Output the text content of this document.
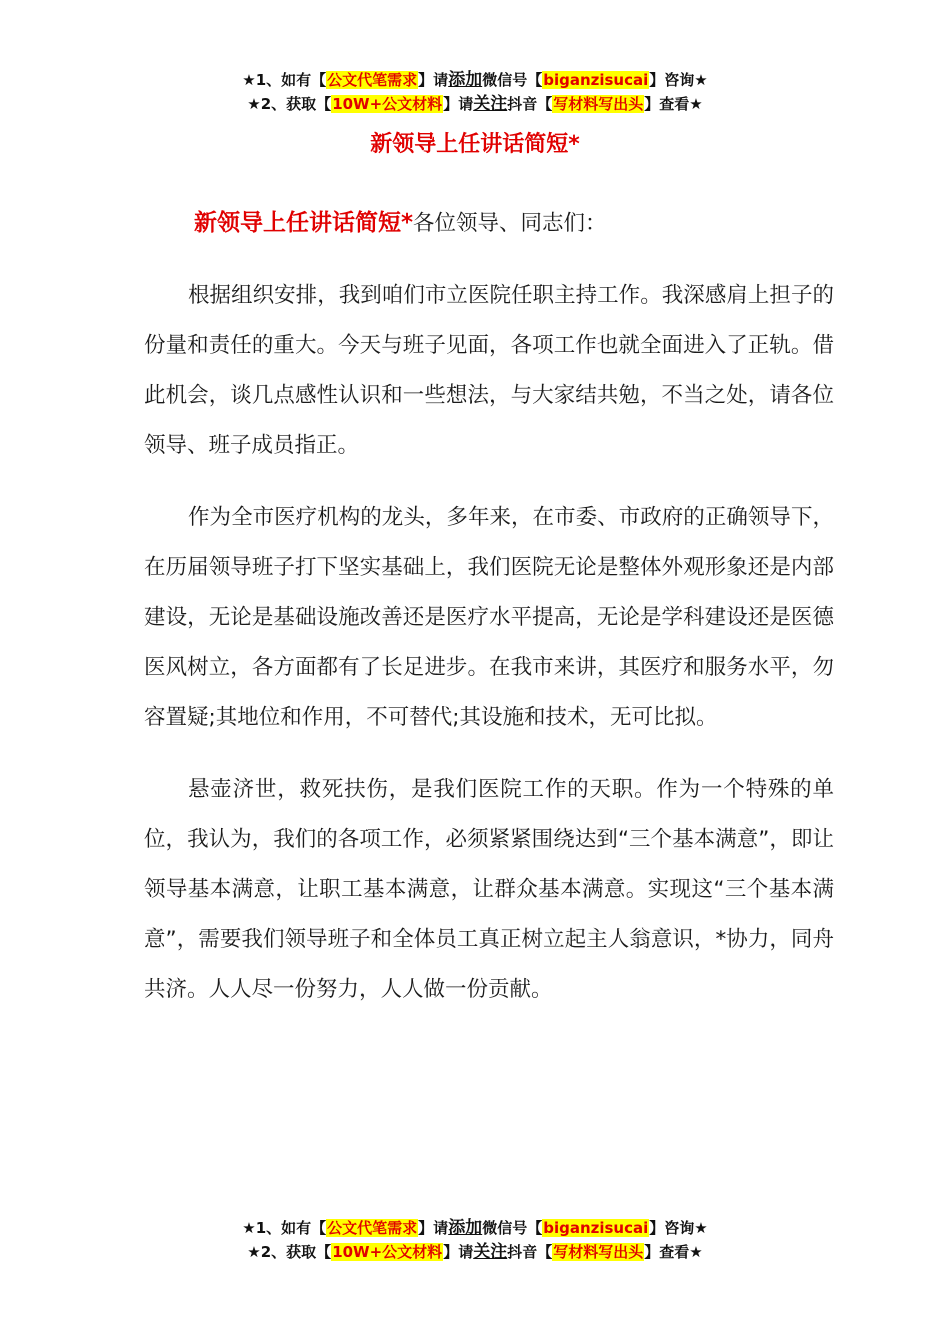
★1、如有【公文代笔需求】请添加微信号【biganzisucai】咨询★
★2、获取【10W+公文材料】请关注抖音【写材料写出头】查看★
新领导上任讲话简短*

新领导上任讲话简短*各位领导、同志们：

根据组织安排，我到咱们市立医院任职主持工作。我深感肩上担子的份量和责任的重大。今天与班子见面，各项工作也就全面进入了正轨。借此机会，谈几点感性认识和一些想法，与大家结共勉，不当之处，请各位领导、班子成员指正。

作为全市医疗机构的龙头，多年来，在市委、市政府的正确领导下，在历届领导班子打下坚实基础上，我们医院无论是整体外观形象还是内部建设，无论是基础设施改善还是医疗水平提高，无论是学科建设还是医德医风树立，各方面都有了长足进步。在我市来讲，其医疗和服务水平，勿容置疑;其地位和作用，不可替代;其设施和技术，无可比拟。

悬壶济世，救死扶伤，是我们医院工作的天职。作为一个特殊的单位，我认为，我们的各项工作，必须紧紧围绕达到“三个基本满意”，即让领导基本满意，让职工基本满意，让群众基本满意。实现这“三个基本满意”，需要我们领导班子和全体员工真正树立起主人翁意识，*协力，同舟共济。人人尽一份努力，人人做一份贡献。

★1、如有【公文代笔需求】请添加微信号【biganzisucai】咨询★
★2、获取【10W+公文材料】请关注抖音【写材料写出头】查看★
